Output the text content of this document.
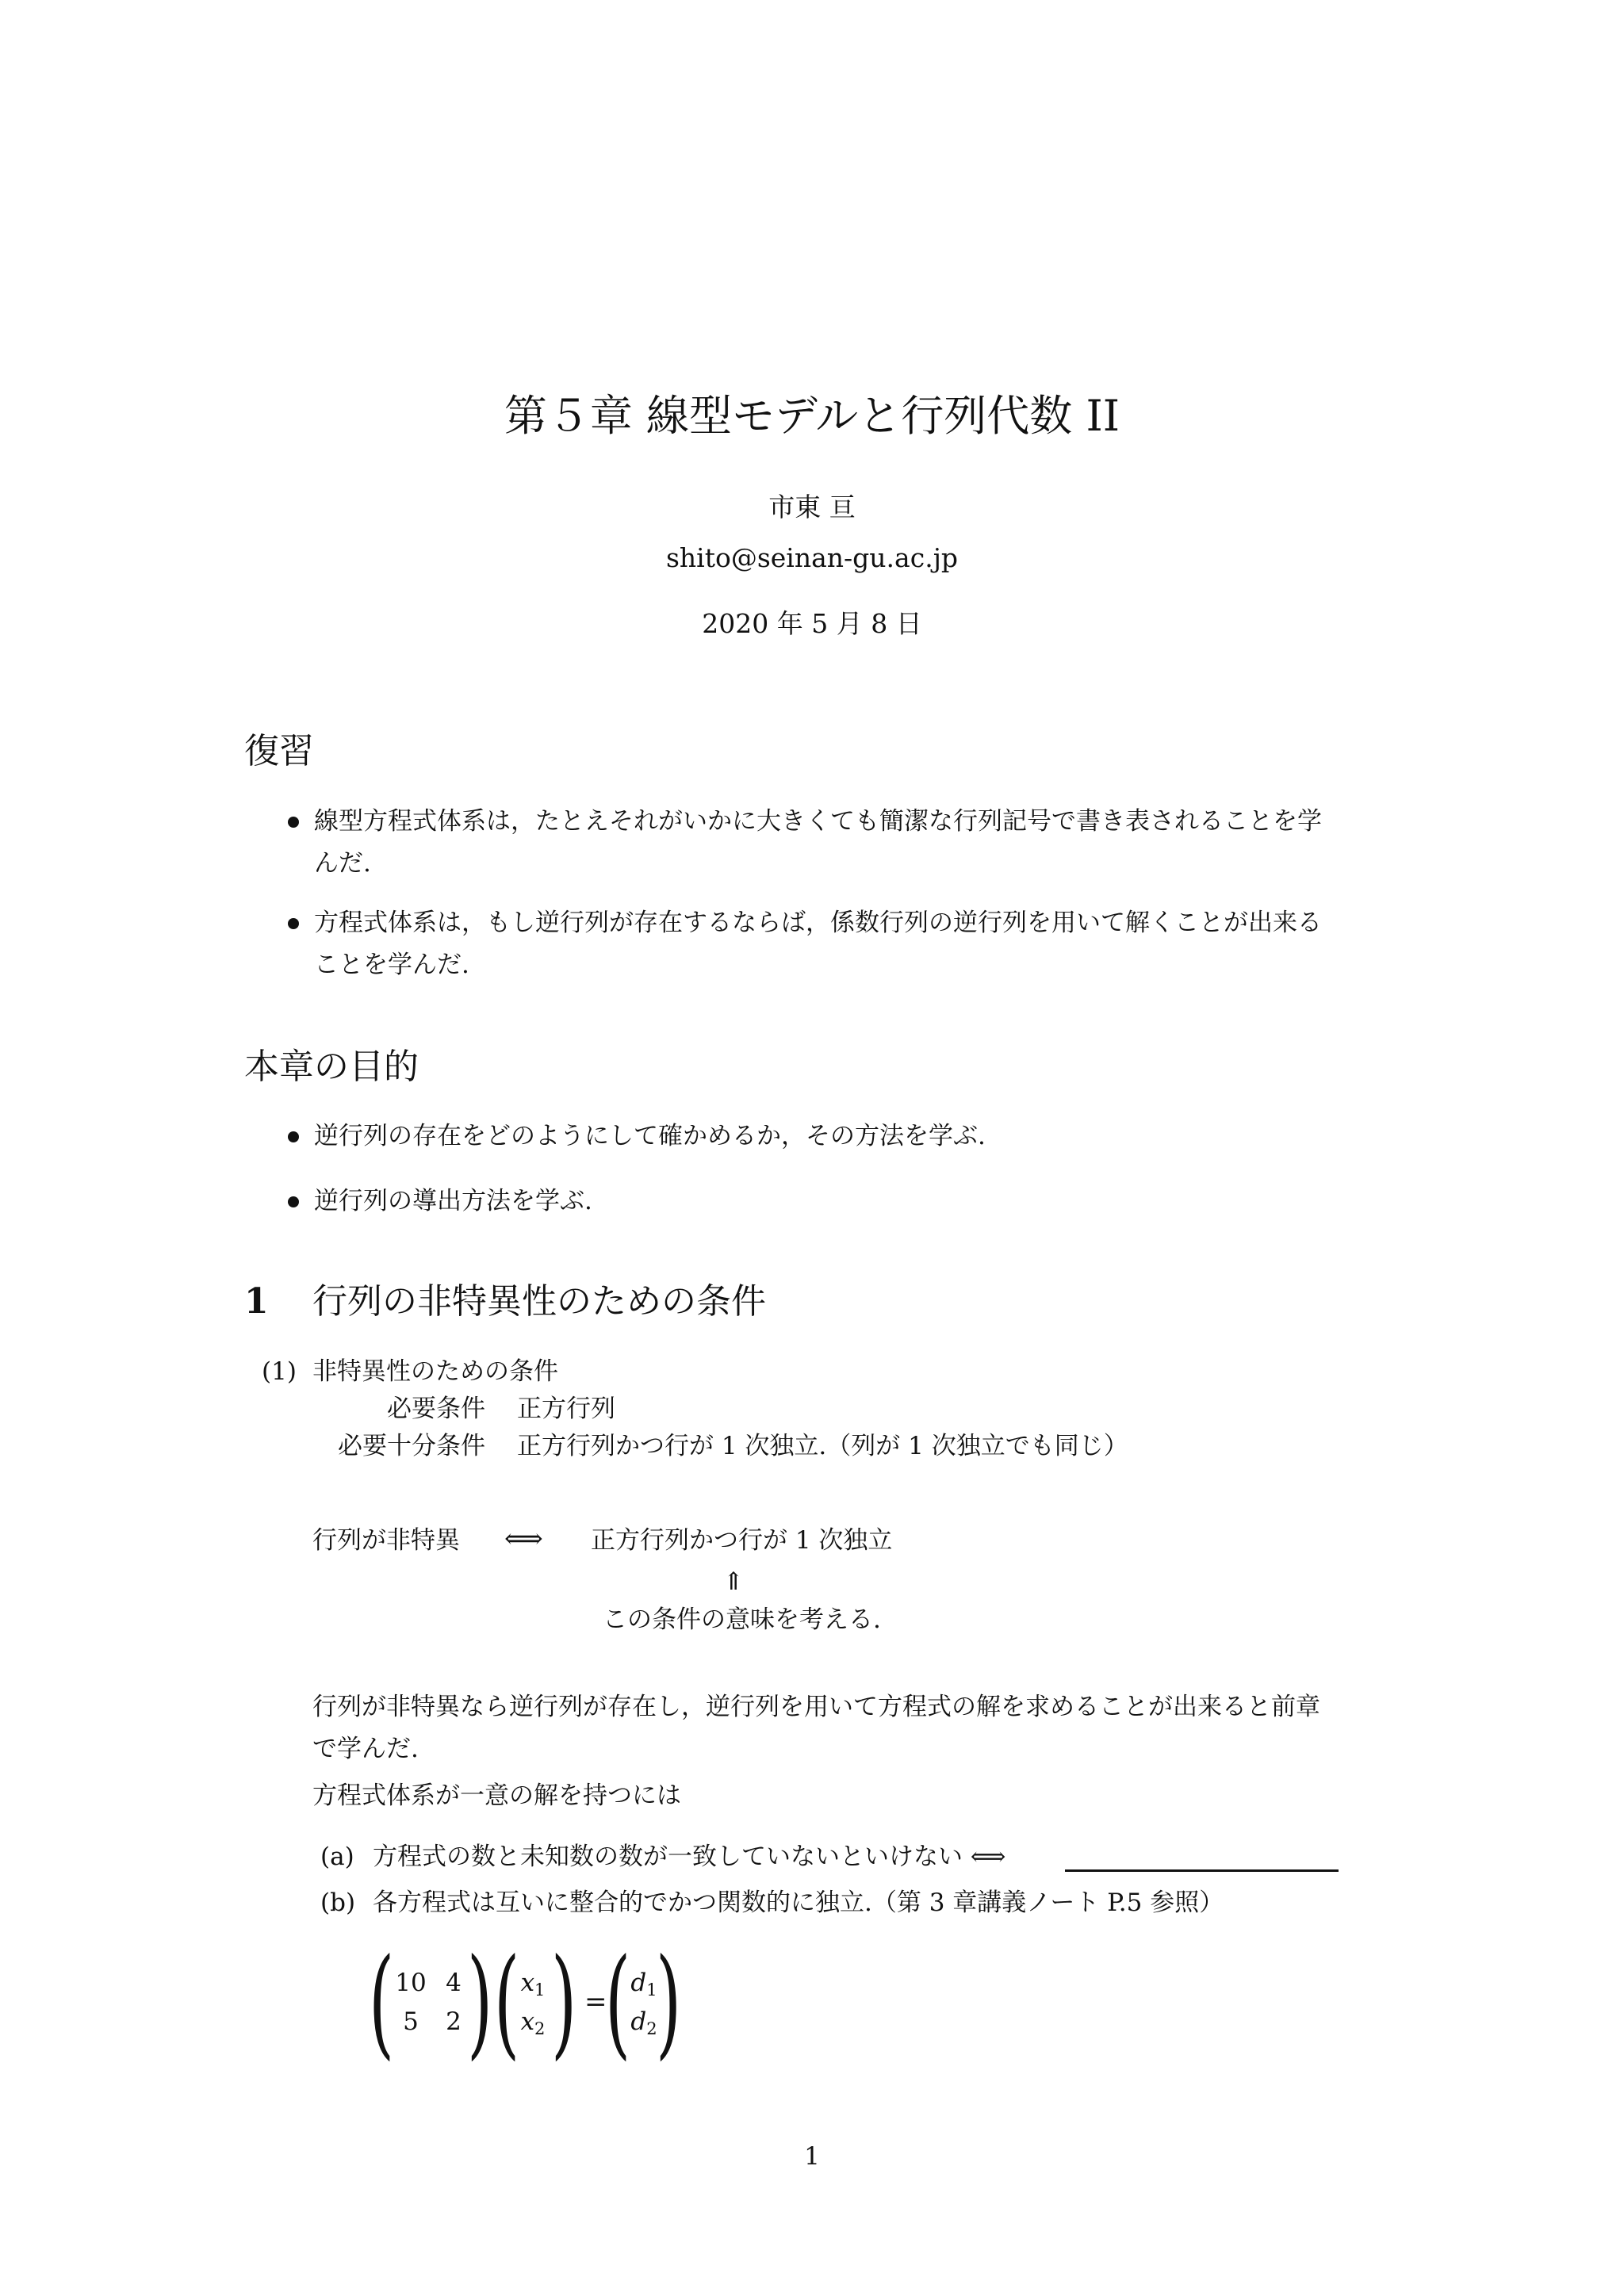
第５章 線型モデルと行列代数 II
市東 亘
shito@seinan-gu.ac.jp
2020 年 5 月 8 日
復習
線型方程式体系は，たとえそれがいかに大きくても簡潔な行列記号で書き表されることを学
んだ.
方程式体系は，もし逆行列が存在するならば，係数行列の逆行列を用いて解くことが出来る
ことを学んだ.
本章の目的
逆行列の存在をどのようにして確かめるか，その方法を学ぶ.
逆行列の導出方法を学ぶ.
1 行列の非特異性のための条件
(1) 非特異性のための条件
必要条件 正方行列
必要十分条件 正方行列かつ行が 1 次独立.（列が 1 次独立でも同じ）
行列が非特異 ⟺ 正方行列かつ行が 1 次独立
⇑
この条件の意味を考える.
行列が非特異なら逆行列が存在し，逆行列を用いて方程式の解を求めることが出来ると前章
で学んだ.
方程式体系が一意の解を持つには
(a) 方程式の数と未知数の数が一致していないといけない ⟺
(b) 各方程式は互いに整合的でかつ関数的に独立.（第 3 章講義ノート P.5 参照）
( 10 4
5	2 ) ( $x_1$
$x_2$ ) =
( $d_1$
$d_2$
)
1
